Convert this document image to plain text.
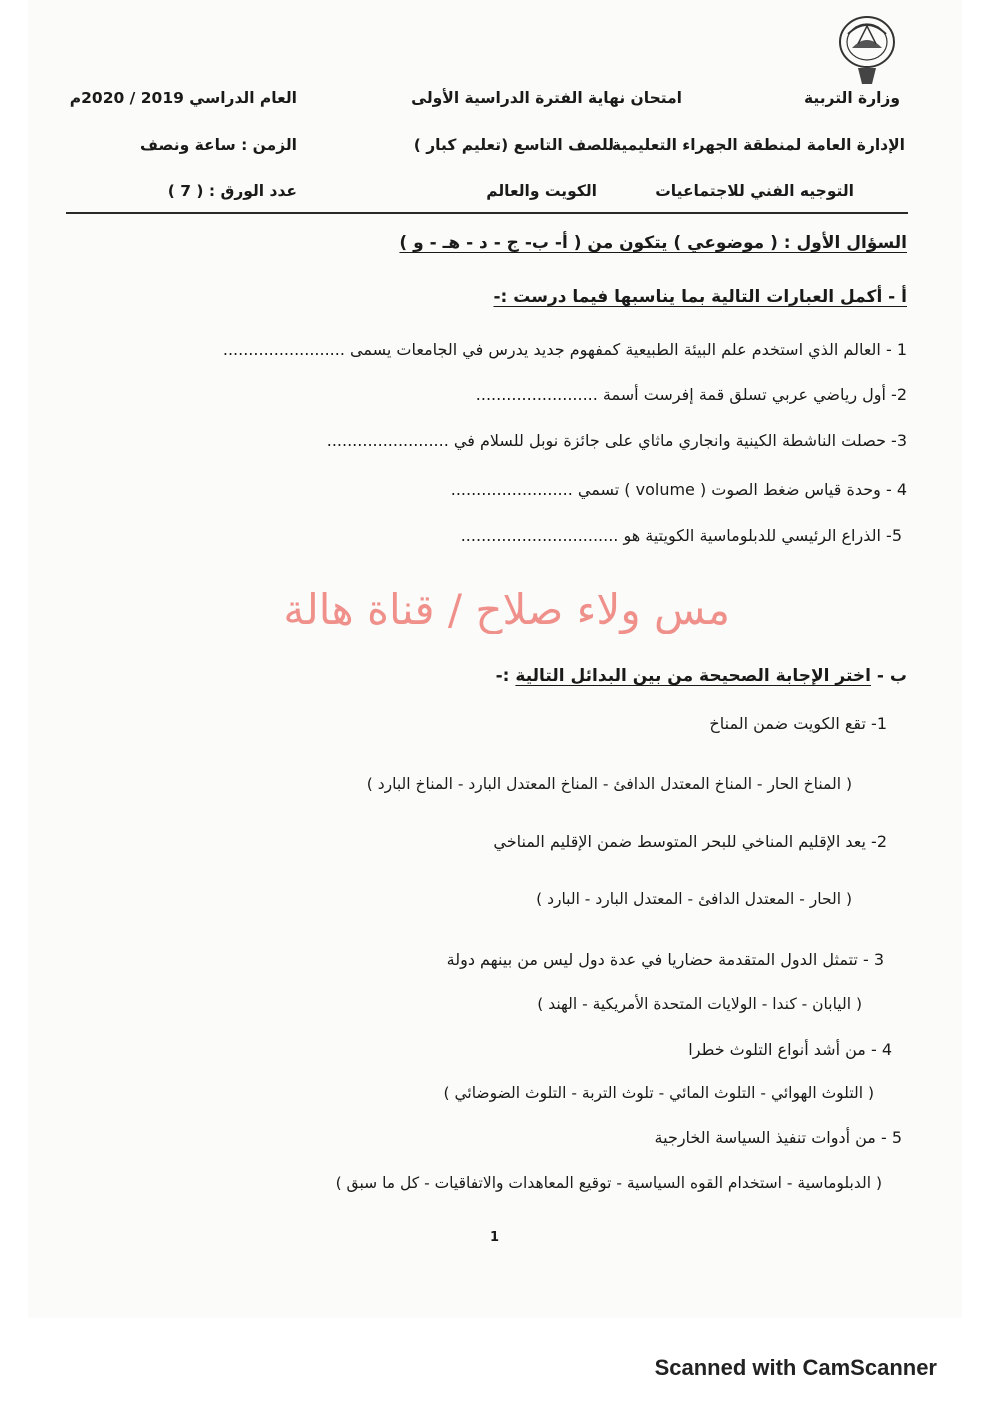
وزارة التربية
امتحان نهاية الفترة الدراسية الأولى
العام الدراسي 2019 / 2020م
الإدارة العامة لمنطقة الجهراء التعليمية
للصف التاسع (تعليم كبار )
الزمن : ساعة ونصف
التوجيه الفني للاجتماعيات
الكويت والعالم
عدد الورق : ( 7 )
السؤال الأول : ( موضوعي ) يتكون من ( أ- ب- ج - د - هـ - و )
أ - أكمل العبارات التالية بما يناسبها فيما درست :-
1 - العالم الذي استخدم علم البيئة الطبيعية كمفهوم جديد يدرس في الجامعات يسمى ........................
2- أول رياضي عربي تسلق قمة إفرست أسمة ........................
3- حصلت الناشطة الكينية وانجاري ماثاي على جائزة نوبل للسلام في ........................
4 - وحدة قياس ضغط الصوت ( volume ) تسمي ........................
5- الذراع الرئيسي للدبلوماسية الكويتية هو ...............................
مس ولاء صلاح / قناة هالة
ب - اختر الإجابة الصحيحة من بين البدائل التالية :-
1- تقع الكويت ضمن المناخ
( المناخ الحار - المناخ المعتدل الدافئ - المناخ المعتدل البارد - المناخ البارد )
2- يعد الإقليم المناخي للبحر المتوسط ضمن الإقليم المناخي
( الحار - المعتدل الدافئ - المعتدل البارد - البارد )
3 - تتمثل الدول المتقدمة حضاريا في عدة دول ليس من بينهم دولة
( اليابان - كندا - الولايات المتحدة الأمريكية - الهند )
4 - من أشد أنواع التلوث خطرا
( التلوث الهوائي - التلوث المائي - تلوث التربة - التلوث الضوضائي )
5 - من أدوات تنفيذ السياسة الخارجية
( الدبلوماسية - استخدام القوه السياسية - توقيع المعاهدات والاتفاقيات - كل ما سبق )
1
Scanned with CamScanner
